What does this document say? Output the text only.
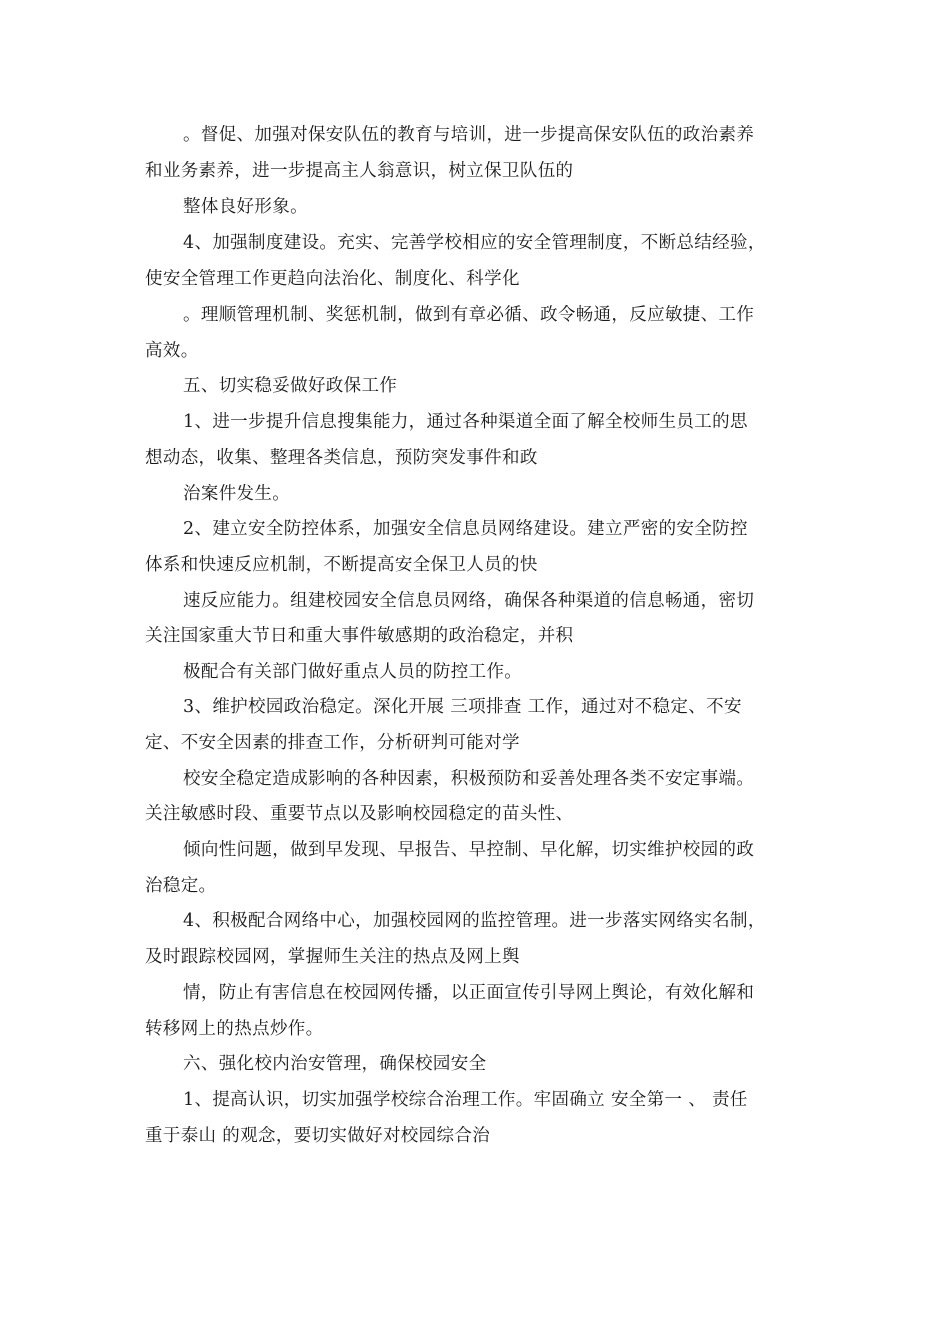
。督促、加强对保安队伍的教育与培训，进一步提高保安队伍的政治素养

和业务素养，进一步提高主人翁意识，树立保卫队伍的

整体良好形象。

4、加强制度建设。充实、完善学校相应的安全管理制度，不断总结经验，

使安全管理工作更趋向法治化、制度化、科学化

。理顺管理机制、奖惩机制，做到有章必循、政令畅通，反应敏捷、工作

高效。

五、切实稳妥做好政保工作

1、进一步提升信息搜集能力，通过各种渠道全面了解全校师生员工的思

想动态，收集、整理各类信息，预防突发事件和政

治案件发生。

2、建立安全防控体系，加强安全信息员网络建设。建立严密的安全防控

体系和快速反应机制，不断提高安全保卫人员的快

速反应能力。组建校园安全信息员网络，确保各种渠道的信息畅通，密切

关注国家重大节日和重大事件敏感期的政治稳定，并积

极配合有关部门做好重点人员的防控工作。

3、维护校园政治稳定。深化开展 三项排查 工作，通过对不稳定、不安

定、不安全因素的排查工作，分析研判可能对学

校安全稳定造成影响的各种因素，积极预防和妥善处理各类不安定事端。

关注敏感时段、重要节点以及影响校园稳定的苗头性、

倾向性问题，做到早发现、早报告、早控制、早化解，切实维护校园的政

治稳定。

4、积极配合网络中心，加强校园网的监控管理。进一步落实网络实名制，

及时跟踪校园网，掌握师生关注的热点及网上舆

情，防止有害信息在校园网传播，以正面宣传引导网上舆论，有效化解和

转移网上的热点炒作。

六、强化校内治安管理，确保校园安全

1、提高认识，切实加强学校综合治理工作。牢固确立 安全第一 、 责任

重于泰山 的观念，要切实做好对校园综合治
